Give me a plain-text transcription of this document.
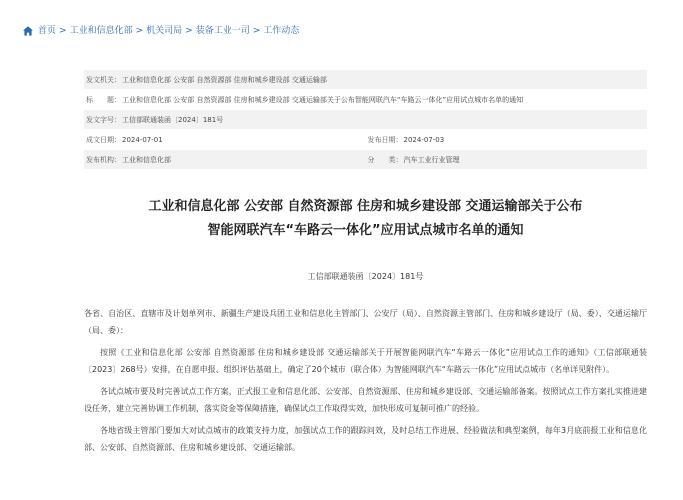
首页 > 工业和信息化部 > 机关司局 > 装备工业一司 > 工作动态
发文机关： 工业和信息化部 公安部 自然资源部 住房和城乡建设部 交通运输部
标　　题： 工业和信息化部 公安部 自然资源部 住房和城乡建设部 交通运输部关于公布智能网联汽车“车路云一体化”应用试点城市名单的通知
发文字号： 工信部联通装函〔2024〕181号
成文日期： 2024-07-01	发布日期： 2024-07-03
发布机构： 工业和信息化部	分　　类： 汽车工业行业管理
工业和信息化部 公安部 自然资源部 住房和城乡建设部 交通运输部关于公布
智能网联汽车“车路云一体化”应用试点城市名单的通知
工信部联通装函〔2024〕181号

各省、自治区、直辖市及计划单列市、新疆生产建设兵团工业和信息化主管部门、公安厅（局）、自然资源主管部门、住房和城乡建设厅（局、委）、交通运输厅（局、委）：

按照《工业和信息化部 公安部 自然资源部 住房和城乡建设部 交通运输部关于开展智能网联汽车“车路云一体化”应用试点工作的通知》（工信部联通装〔2023〕268号）安排，在自愿申报、组织评估基础上，确定了20个城市（联合体）为智能网联汽车“车路云一体化”应用试点城市（名单详见附件）。

各试点城市要及时完善试点工作方案，正式报工业和信息化部、公安部、自然资源部、住房和城乡建设部、交通运输部备案。按照试点工作方案扎实推进建设任务，建立完善协调工作机制，落实资金等保障措施，确保试点工作取得实效，加快形成可复制可推广的经验。

各地省级主管部门要加大对试点城市的政策支持力度，加强试点工作的跟踪问效，及时总结工作进展、经验做法和典型案例，每年3月底前报工业和信息化部、公安部、自然资源部、住房和城乡建设部、交通运输部。
